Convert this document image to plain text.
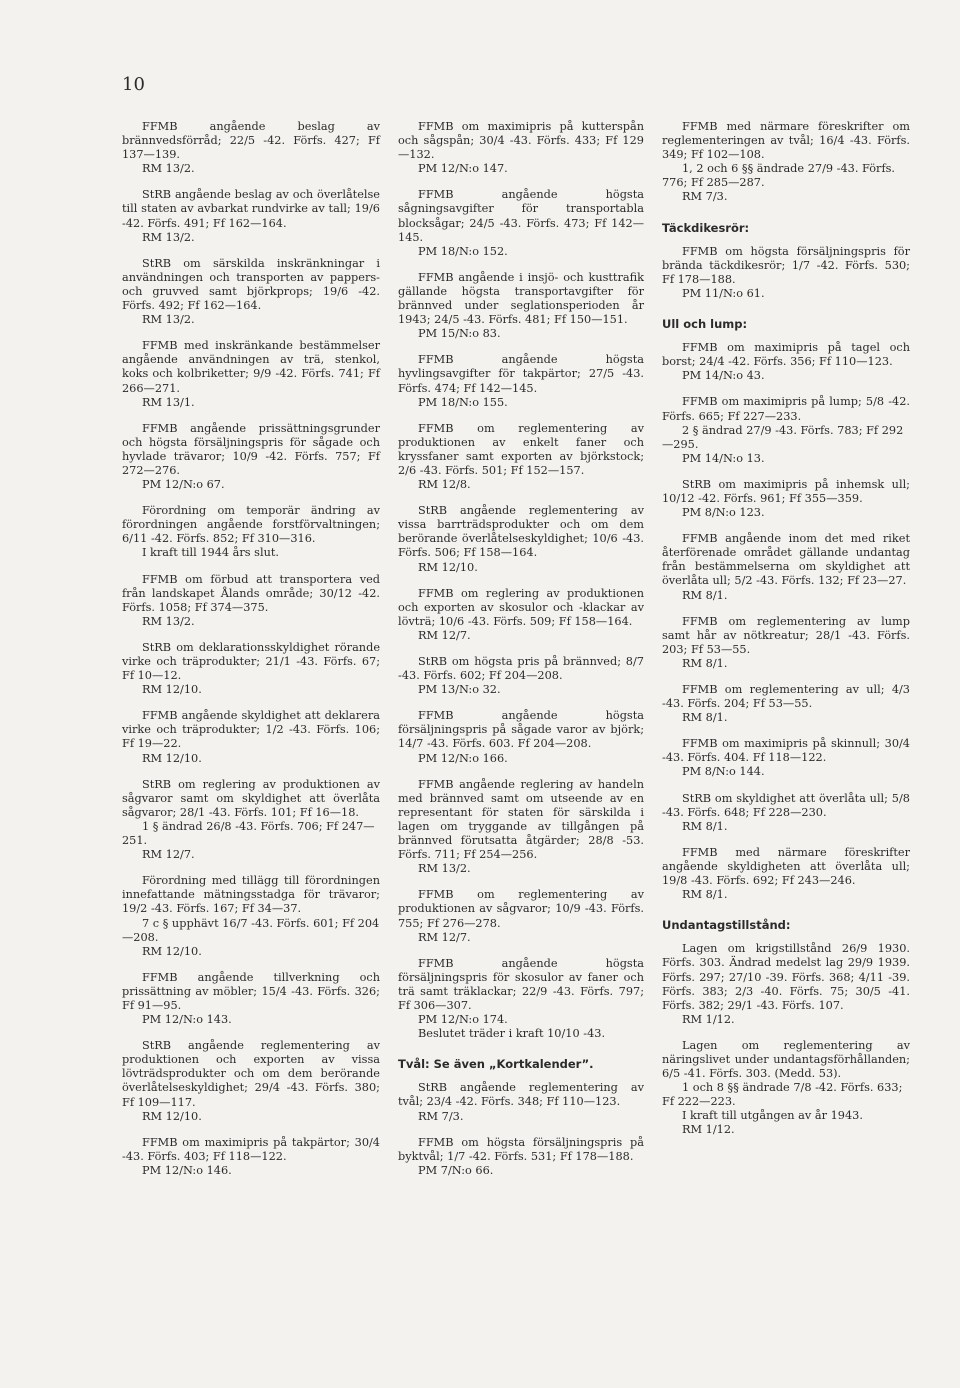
10

FFMB angående beslag av brännvedsförråd; 22/5 -42. Förfs. 427; Ff 137—139.

RM 13/2.

StRB angående beslag av och överlåtelse till staten av avbarkat rundvirke av tall; 19/6 -42. Förfs. 491; Ff 162—164.

RM 13/2.

StRB om särskilda inskränkningar i användningen och transporten av pappers- och gruvved samt björkprops; 19/6 -42. Förfs. 492; Ff 162—164.

RM 13/2.

FFMB med inskränkande bestämmelser angående användningen av trä, stenkol, koks och kolbriketter; 9/9 -42. Förfs. 741; Ff 266—271.

RM 13/1.

FFMB angående prissättningsgrunder och högsta försäljningspris för sågade och hyvlade trävaror; 10/9 -42. Förfs. 757; Ff 272—276.

PM 12/N:o 67.

Förordning om temporär ändring av förordningen angående forstförvaltningen; 6/11 -42. Förfs. 852; Ff 310—316.

I kraft till 1944 års slut.

FFMB om förbud att transportera ved från landskapet Ålands område; 30/12 -42. Förfs. 1058; Ff 374—375.

RM 13/2.

StRB om deklarationsskyldighet rörande virke och träprodukter; 21/1 -43. Förfs. 67; Ff 10—12.

RM 12/10.

FFMB angående skyldighet att deklarera virke och träprodukter; 1/2 -43. Förfs. 106; Ff 19—22.

RM 12/10.

StRB om reglering av produktionen av sågvaror samt om skyldighet att överlåta sågvaror; 28/1 -43. Förfs. 101; Ff 16—18.

1 § ändrad 26/8 -43. Förfs. 706; Ff 247—251.
RM 12/7.

Förordning med tillägg till förordningen innefattande mätningsstadga för trävaror; 19/2 -43. Förfs. 167; Ff 34—37.

7 c § upphävt 16/7 -43. Förfs. 601; Ff 204—208.
RM 12/10.

FFMB angående tillverkning och prissättning av möbler; 15/4 -43. Förfs. 326; Ff 91—95.

PM 12/N:o 143.

StRB angående reglementering av produktionen och exporten av vissa lövträdsprodukter och om dem berörande överlåtelseskyldighet; 29/4 -43. Förfs. 380; Ff 109—117.

RM 12/10.

FFMB om maximipris på takpärtor; 30/4 -43. Förfs. 403; Ff 118—122.

PM 12/N:o 146.

FFMB om maximipris på kutterspån och sågspån; 30/4 -43. Förfs. 433; Ff 129—132.

PM 12/N:o 147.

FFMB angående högsta sågningsavgifter för transportabla blocksågar; 24/5 -43. Förfs. 473; Ff 142—145.

PM 18/N:o 152.

FFMB angående i insjö- och kusttrafik gällande högsta transportavgifter för brännved under seglationsperioden år 1943; 24/5 -43. Förfs. 481; Ff 150—151.

PM 15/N:o 83.

FFMB angående högsta hyvlingsavgifter för takpärtor; 27/5 -43. Förfs. 474; Ff 142—145.

PM 18/N:o 155.

FFMB om reglementering av produktionen av enkelt faner och kryssfaner samt exporten av björkstock; 2/6 -43. Förfs. 501; Ff 152—157.

RM 12/8.

StRB angående reglementering av vissa barrträdsprodukter och om dem berörande överlåtelseskyldighet; 10/6 -43. Förfs. 506; Ff 158—164.

RM 12/10.

FFMB om reglering av produktionen och exporten av skosulor och -klackar av lövträ; 10/6 -43. Förfs. 509; Ff 158—164.

RM 12/7.

StRB om högsta pris på brännved; 8/7 -43. Förfs. 602; Ff 204—208.

PM 13/N:o 32.

FFMB angående högsta försäljningspris på sågade varor av björk; 14/7 -43. Förfs. 603. Ff 204—208.

PM 12/N:o 166.

FFMB angående reglering av handeln med brännved samt om utseende av en representant för staten för särskilda i lagen om tryggande av tillgången på brännved förutsatta åtgärder; 28/8 -53. Förfs. 711; Ff 254—256.

RM 13/2.

FFMB om reglementering av produktionen av sågvaror; 10/9 -43. Förfs. 755; Ff 276—278.

RM 12/7.

FFMB angående högsta försäljningspris för skosulor av faner och trä samt träklackar; 22/9 -43. Förfs. 797; Ff 306—307.

PM 12/N:o 174.
Beslutet träder i kraft 10/10 -43.
Tvål: Se även „Kortkalender”.

StRB angående reglementering av tvål; 23/4 -42. Förfs. 348; Ff 110—123.

RM 7/3.

FFMB om högsta försäljningspris på byktvål; 1/7 -42. Förfs. 531; Ff 178—188.

PM 7/N:o 66.

FFMB med närmare föreskrifter om reglementeringen av tvål; 16/4 -43. Förfs. 349; Ff 102—108.

1, 2 och 6 §§ ändrade 27/9 -43. Förfs. 776; Ff 285—287.
RM 7/3.
Täckdikesrör:

FFMB om högsta försäljningspris för brända täckdikesrör; 1/7 -42. Förfs. 530; Ff 178—188.

PM 11/N:o 61.
Ull och lump:

FFMB om maximipris på tagel och borst; 24/4 -42. Förfs. 356; Ff 110—123.

PM 14/N:o 43.

FFMB om maximipris på lump; 5/8 -42. Förfs. 665; Ff 227—233.

2 § ändrad 27/9 -43. Förfs. 783; Ff 292—295.
PM 14/N:o 13.

StRB om maximipris på inhemsk ull; 10/12 -42. Förfs. 961; Ff 355—359.

PM 8/N:o 123.

FFMB angående inom det med riket återförenade området gällande undantag från bestämmelserna om skyldighet att överlåta ull; 5/2 -43. Förfs. 132; Ff 23—27.

RM 8/1.

FFMB om reglementering av lump samt hår av nötkreatur; 28/1 -43. Förfs. 203; Ff 53—55.

RM 8/1.

FFMB om reglementering av ull; 4/3 -43. Förfs. 204; Ff 53—55.

RM 8/1.

FFMB om maximipris på skinnull; 30/4 -43. Förfs. 404. Ff 118—122.

PM 8/N:o 144.

StRB om skyldighet att överlåta ull; 5/8 -43. Förfs. 648; Ff 228—230.

RM 8/1.

FFMB med närmare föreskrifter angående skyldigheten att överlåta ull; 19/8 -43. Förfs. 692; Ff 243—246.

RM 8/1.
Undantagstillstånd:

Lagen om krigstillstånd 26/9 1930. Förfs. 303. Ändrad medelst lag 29/9 1939. Förfs. 297; 27/10 -39. Förfs. 368; 4/11 -39. Förfs. 383; 2/3 -40. Förfs. 75; 30/5 -41. Förfs. 382; 29/1 -43. Förfs. 107.

RM 1/12.

Lagen om reglementering av näringslivet under undantagsförhållanden; 6/5 -41. Förfs. 303. (Medd. 53).

1 och 8 §§ ändrade 7/8 -42. Förfs. 633; Ff 222—223.
I kraft till utgången av år 1943.
RM 1/12.
